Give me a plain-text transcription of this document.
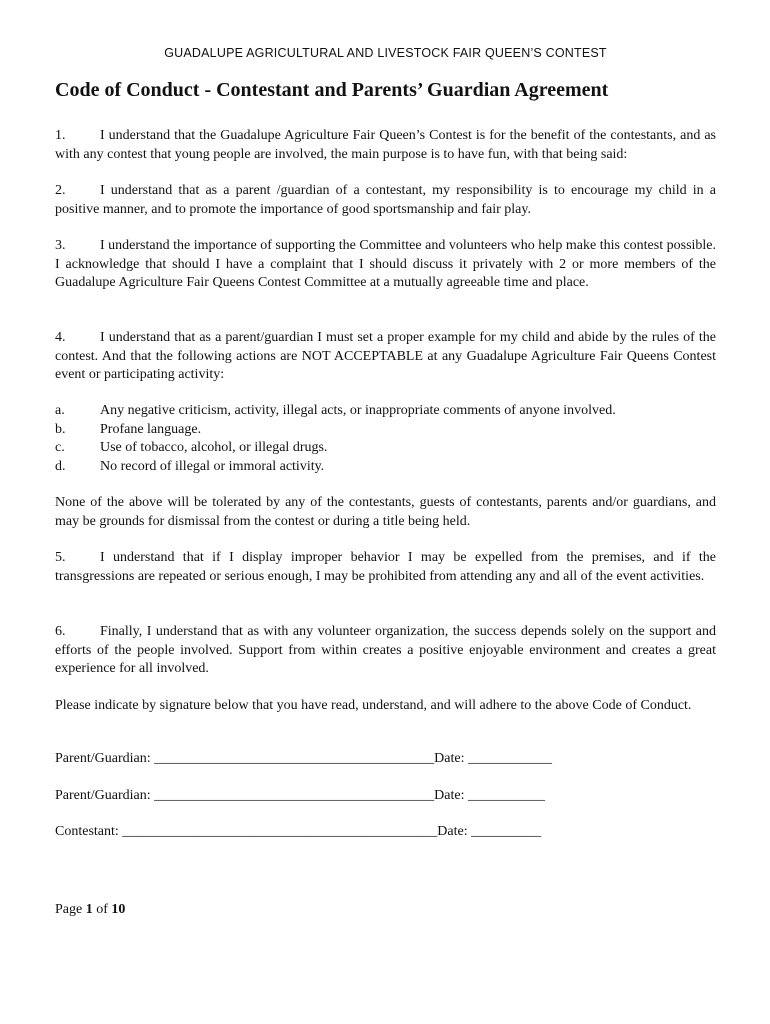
GUADALUPE AGRICULTURAL AND LIVESTOCK FAIR QUEEN’S CONTEST
Code of Conduct - Contestant and Parents’ Guardian Agreement
1. I understand that the Guadalupe Agriculture Fair Queen’s Contest is for the benefit of the contestants, and as with any contest that young people are involved, the main purpose is to have fun, with that being said:
2. I understand that as a parent /guardian of a contestant, my responsibility is to encourage my child in a positive manner, and to promote the importance of good sportsmanship and fair play.
3. I understand the importance of supporting the Committee and volunteers who help make this contest possible. I acknowledge that should I have a complaint that I should discuss it privately with 2 or more members of the Guadalupe Agriculture Fair Queens Contest Committee at a mutually agreeable time and place.
4. I understand that as a parent/guardian I must set a proper example for my child and abide by the rules of the contest. And that the following actions are NOT ACCEPTABLE at any Guadalupe Agriculture Fair Queens Contest event or participating activity:
a.	Any negative criticism, activity, illegal acts, or inappropriate comments of anyone involved.
b.	Profane language.
c.	Use of tobacco, alcohol, or illegal drugs.
d.	No record of illegal or immoral activity.
None of the above will be tolerated by any of the contestants, guests of contestants, parents and/or guardians, and may be grounds for dismissal from the contest or during a title being held.
5. I understand that if I display improper behavior I may be expelled from the premises, and if the transgressions are repeated or serious enough, I may be prohibited from attending any and all of the event activities.
6. Finally, I understand that as with any volunteer organization, the success depends solely on the support and efforts of the people involved. Support from within creates a positive enjoyable environment and creates a great experience for all involved.
Please indicate by signature below that you have read, understand, and will adhere to the above Code of Conduct.
Parent/Guardian: ________________________________________Date: ____________
Parent/Guardian: ________________________________________Date: ___________
Contestant: _____________________________________________Date: __________
Page 1 of 10
